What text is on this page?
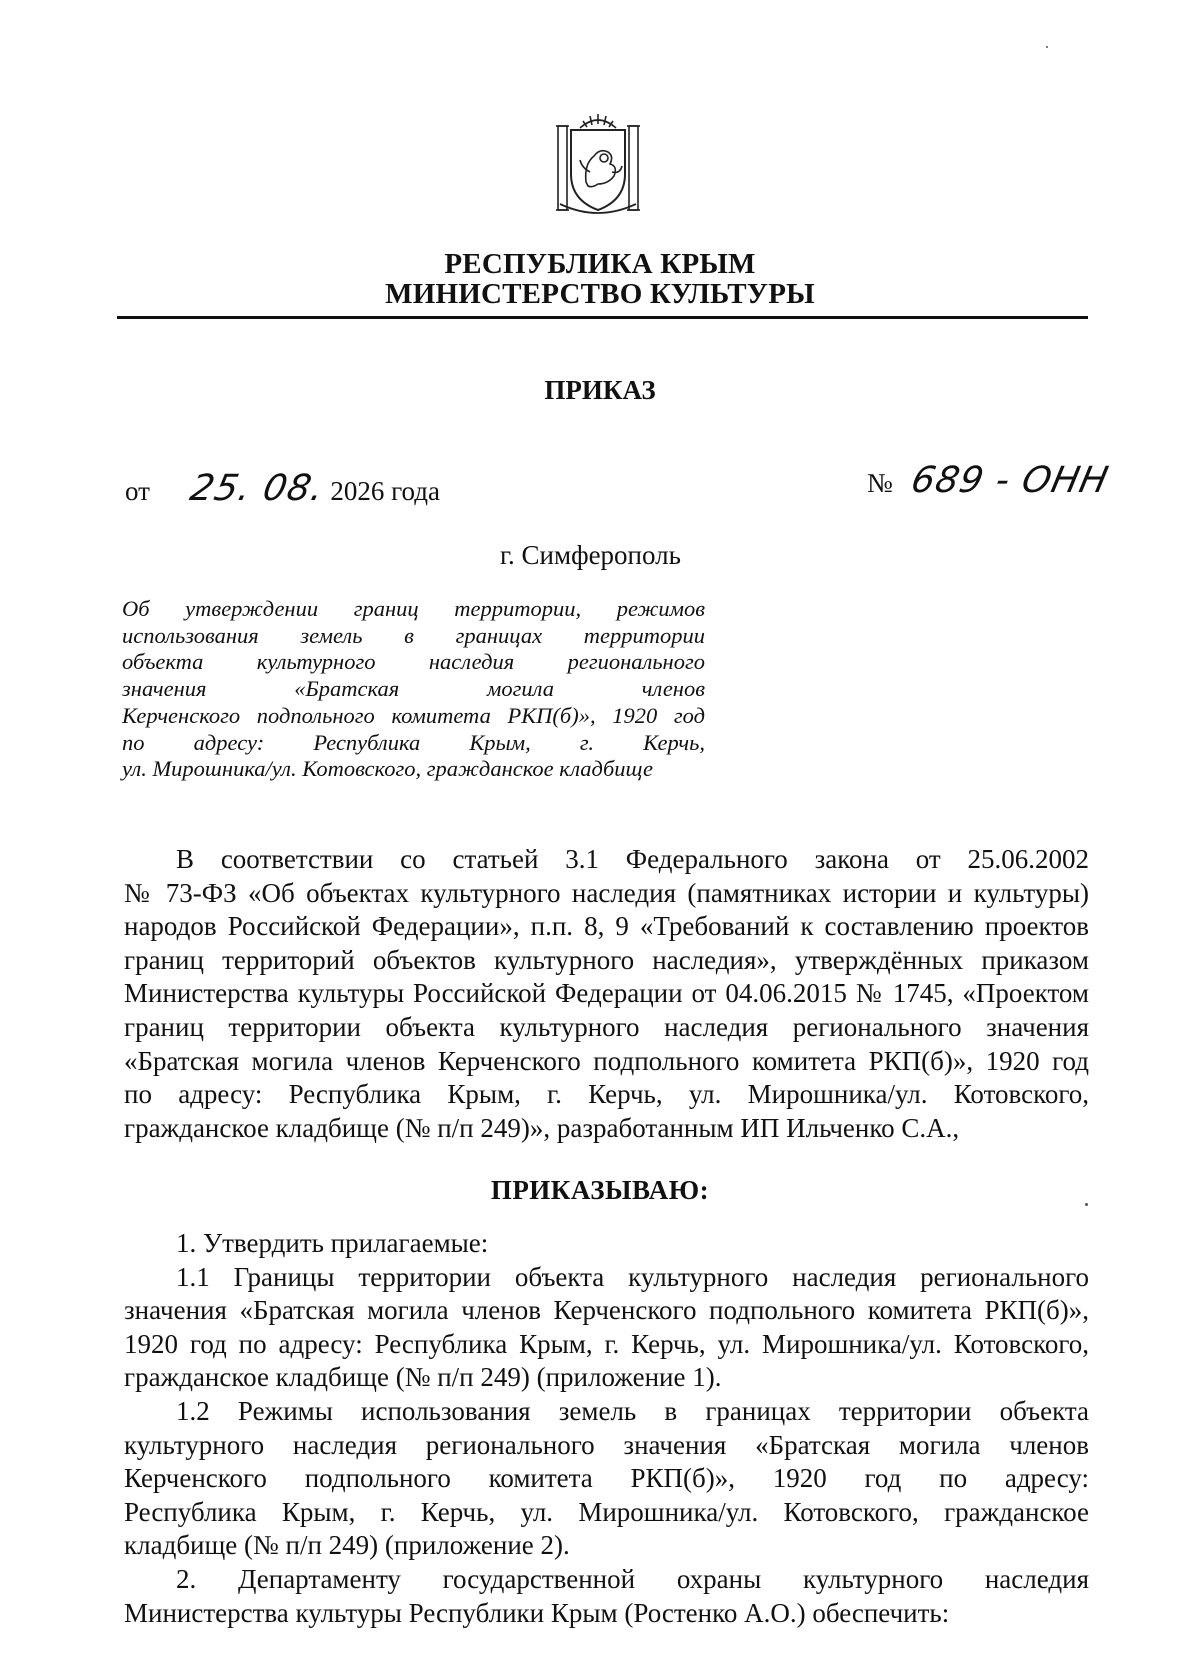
РЕСПУБЛИКА КРЫМ
МИНИСТЕРСТВО КУЛЬТУРЫ
ПРИКАЗ
от 25. 08. 2026 года	№ 689 - ОНН
г. Симферополь
Об утверждении границ территории, режимов
использования земель в границах территории
объекта культурного наследия регионального
значения «Братская могила членов
Керченского подпольного комитета РКП(б)», 1920 год
по адресу: Республика Крым, г. Керчь,
ул. Мирошника/ул. Котовского, гражданское кладбище
В соответствии со статьей 3.1 Федерального закона от 25.06.2002
№ 73-ФЗ «Об объектах культурного наследия (памятниках истории и культуры)
народов Российской Федерации», п.п. 8, 9 «Требований к составлению проектов
границ территорий объектов культурного наследия», утверждённых приказом
Министерства культуры Российской Федерации от 04.06.2015 № 1745, «Проектом
границ территории объекта культурного наследия регионального значения
«Братская могила членов Керченского подпольного комитета РКП(б)», 1920 год
по адресу: Республика Крым, г. Керчь, ул. Мирошника/ул. Котовского,
гражданское кладбище (№ п/п 249)», разработанным ИП Ильченко С.А.,
ПРИКАЗЫВАЮ:
1. Утвердить прилагаемые:
1.1 Границы территории объекта культурного наследия регионального
значения «Братская могила членов Керченского подпольного комитета РКП(б)»,
1920 год по адресу: Республика Крым, г. Керчь, ул. Мирошника/ул. Котовского,
гражданское кладбище (№ п/п 249) (приложение 1).
1.2 Режимы использования земель в границах территории объекта
культурного наследия регионального значения «Братская могила членов
Керченского подпольного комитета РКП(б)», 1920 год по адресу:
Республика Крым, г. Керчь, ул. Мирошника/ул. Котовского, гражданское
кладбище (№ п/п 249) (приложение 2).
2. Департаменту государственной охраны культурного наследия
Министерства культуры Республики Крым (Ростенко А.О.) обеспечить:
